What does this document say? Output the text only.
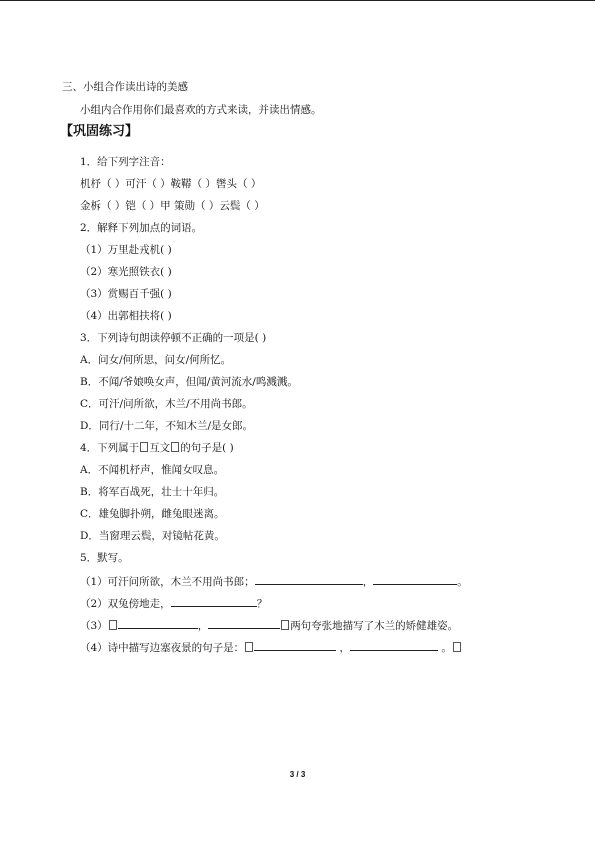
三、小组合作读出诗的美感
小组内合作用你们最喜欢的方式来读，并读出情感。
【巩固练习】
1．给下列字注音：
机杼（ ）可汗（ ）鞍鞯（ ）辔头（ ）
金柝（ ）铠（ ）甲 策勋（ ）云鬓（ ）
2．解释下列加点的词语。
（1）万里赴戎机( )
（2）寒光照铁衣( )
（3）赏赐百千强( )
（4）出郭相扶将( )
3．下列诗句朗读停顿不正确的一项是( )
A．问女/何所思，问女/何所忆。
B．不闻/爷娘唤女声，但闻/黄河流水/鸣溅溅。
C．可汗/问所欲，木兰/不用尚书郎。
D．同行/十二年，不知木兰/是女郎。
4．下列属于 互文 的句子是( )
A．不闻机杼声，惟闻女叹息。
B．将军百战死，壮士十年归。
C．雄兔脚扑朔，雌兔眼迷离。
D．当窗理云鬓，对镜帖花黄。
5．默写。
（1）可汗问所欲，木兰不用尚书郎；	，	。
（2）双兔傍地走，	？
（3）	，	两句夸张地描写了木兰的矫健雄姿。
（4）诗中描写边塞夜景的句子是：	，	。
3 / 3
